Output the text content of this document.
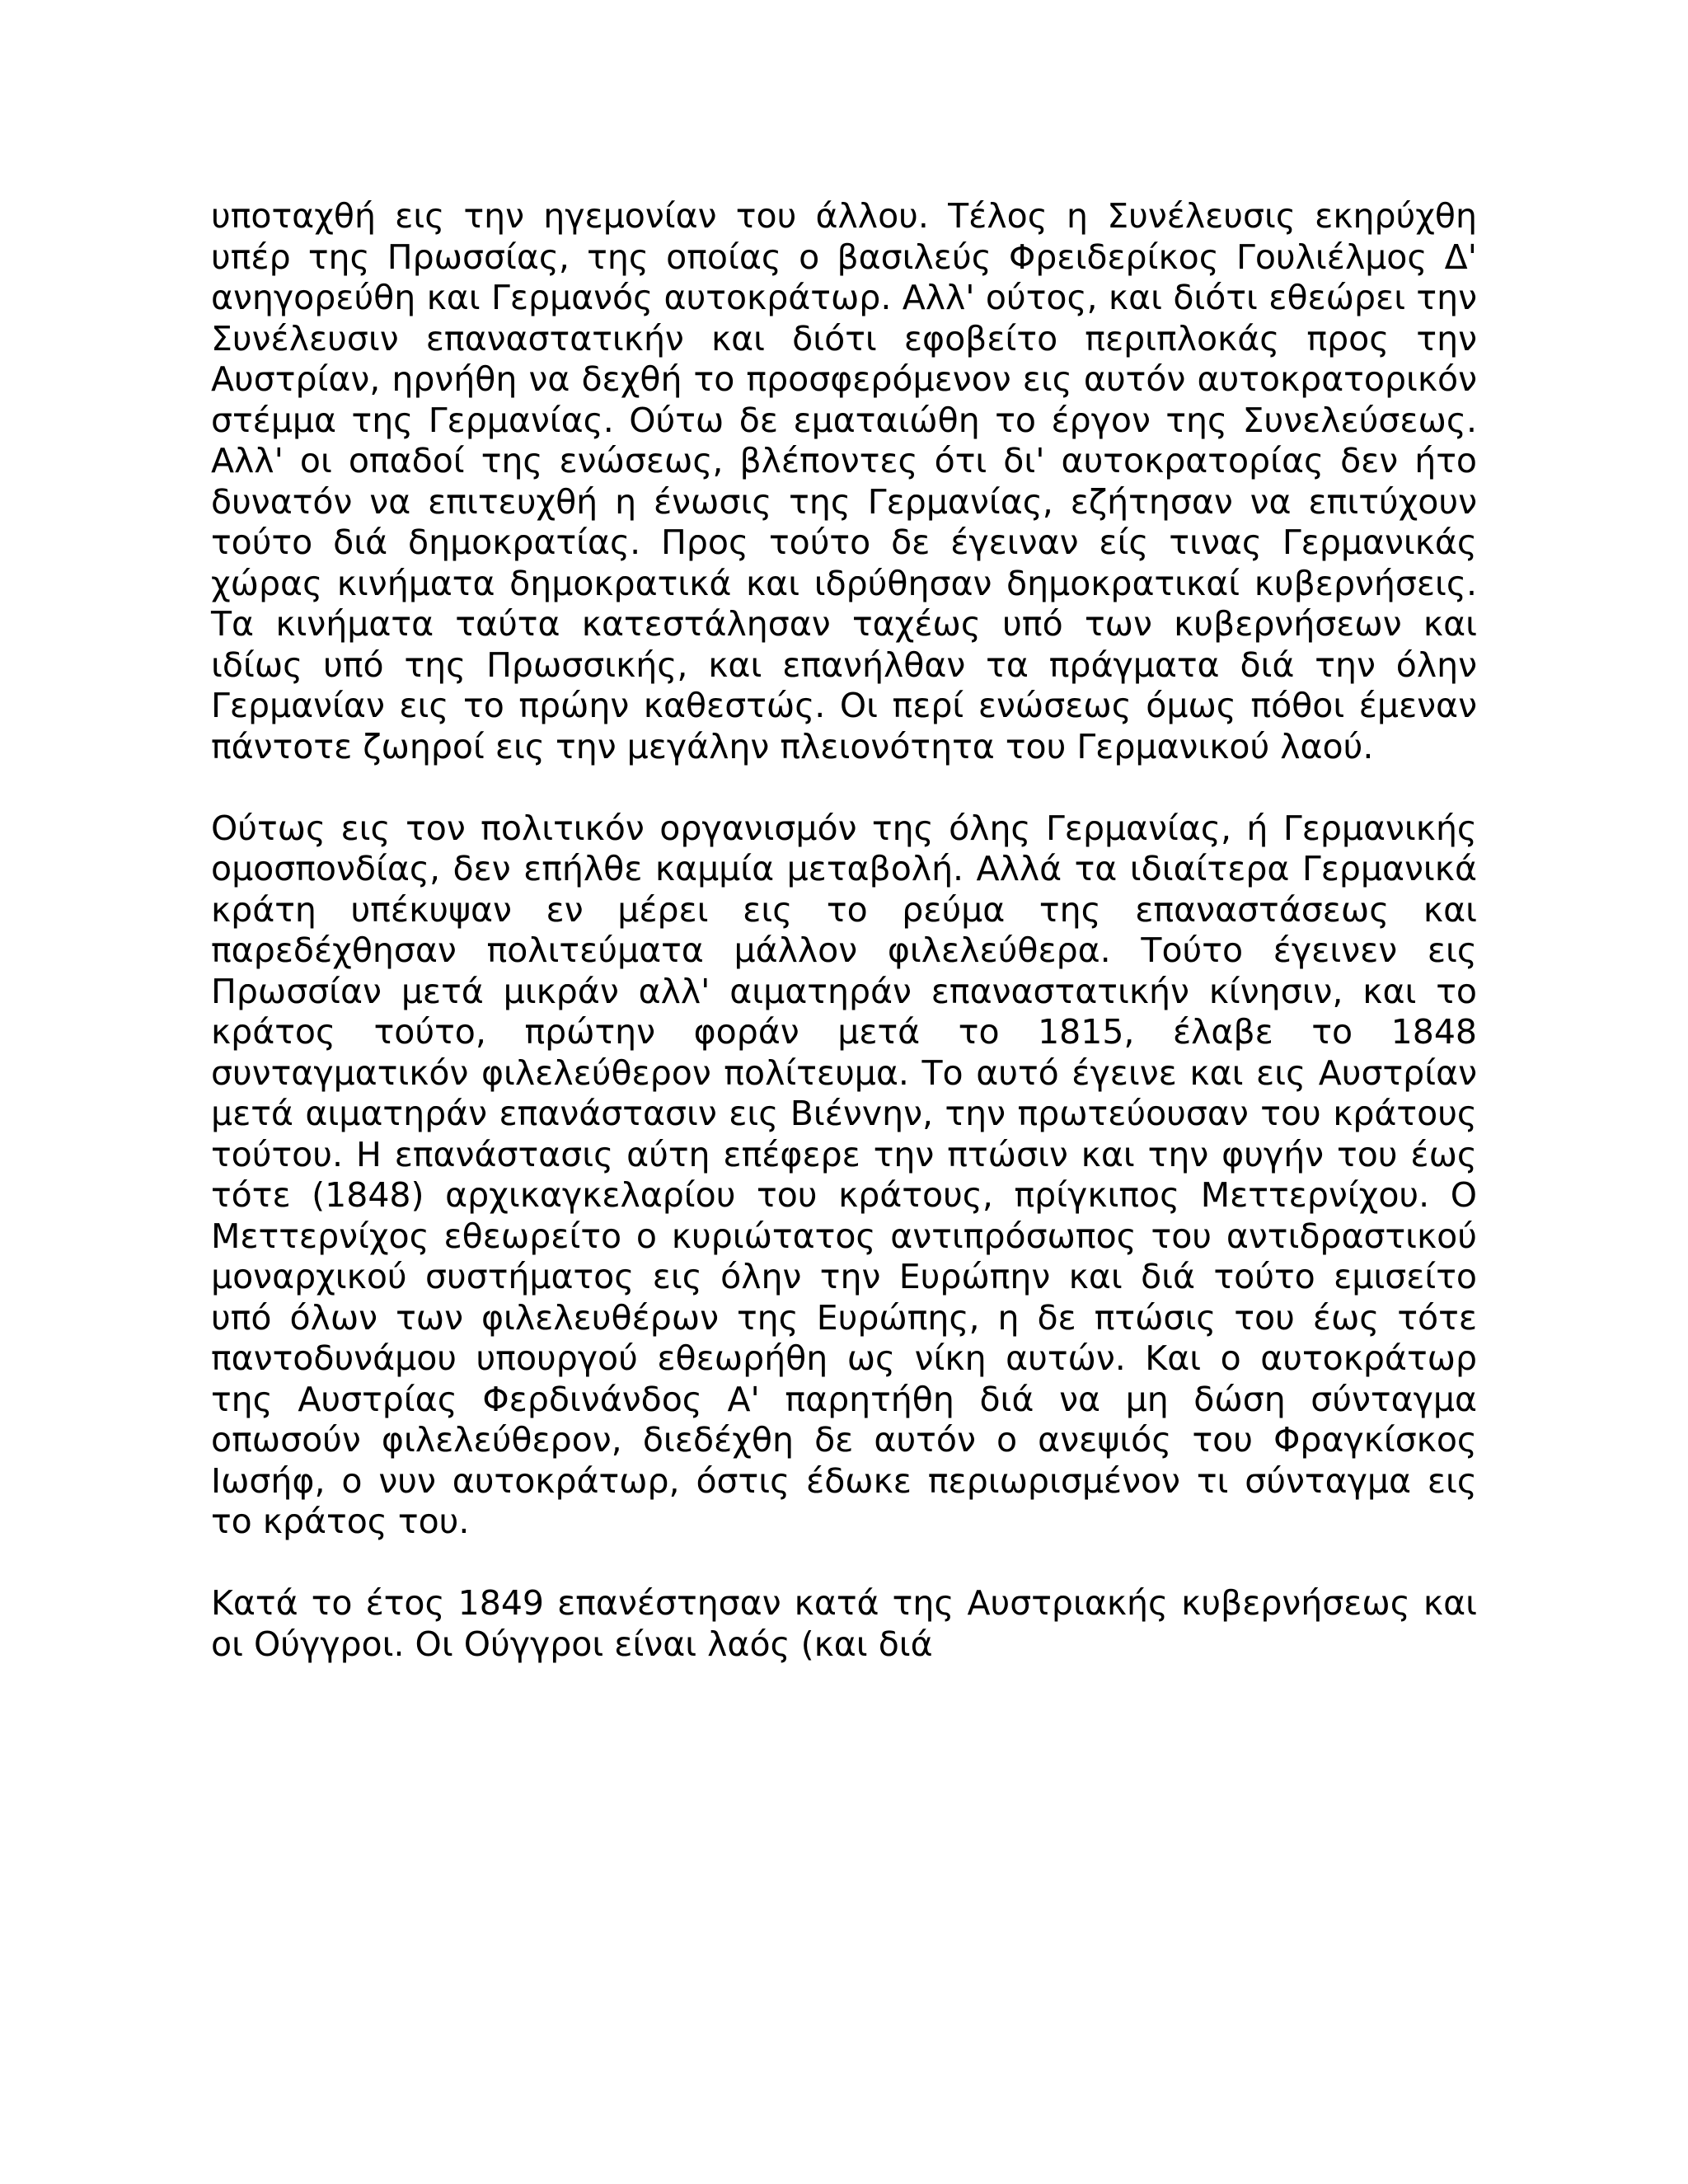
υποταχθή εις την ηγεμονίαν του άλλου. Τέλος η Συνέλευσις εκηρύχθη υπέρ της Πρωσσίας, της οποίας ο βασιλεύς Φρειδερίκος Γουλιέλμος Δ' ανηγορεύθη και Γερμανός αυτοκράτωρ. Αλλ' ούτος, και διότι εθεώρει την Συνέλευσιν επαναστατικήν και διότι εφοβείτο περιπλοκάς προς την Αυστρίαν, ηρνήθη να δεχθή το προσφερόμενον εις αυτόν αυτοκρατορικόν στέμμα της Γερμανίας. Ούτω δε εματαιώθη το έργον της Συνελεύσεως. Αλλ' οι οπαδοί της ενώσεως, βλέποντες ότι δι' αυτοκρατορίας δεν ήτο δυνατόν να επιτευχθή η ένωσις της Γερμανίας, εζήτησαν να επιτύχουν τούτο διά δημοκρατίας. Προς τούτο δε έγειναν είς τινας Γερμανικάς χώρας κινήματα δημοκρατικά και ιδρύθησαν δημοκρατικαί κυβερνήσεις. Τα κινήματα ταύτα κατεστάλησαν ταχέως υπό των κυβερνήσεων και ιδίως υπό της Πρωσσικής, και επανήλθαν τα πράγματα διά την όλην Γερμανίαν εις το πρώην καθεστώς. Οι περί ενώσεως όμως πόθοι έμεναν πάντοτε ζωηροί εις την μεγάλην πλειονότητα του Γερμανικού λαού.

Ούτως εις τον πολιτικόν οργανισμόν της όλης Γερμανίας, ή Γερμανικής ομοσπονδίας, δεν επήλθε καμμία μεταβολή. Αλλά τα ιδιαίτερα Γερμανικά κράτη υπέκυψαν εν μέρει εις το ρεύμα της επαναστάσεως και παρεδέχθησαν πολιτεύματα μάλλον φιλελεύθερα. Τούτο έγεινεν εις Πρωσσίαν μετά μικράν αλλ' αιματηράν επαναστατικήν κίνησιν, και το κράτος τούτο, πρώτην φοράν μετά το 1815, έλαβε το 1848 συνταγματικόν φιλελεύθερον πολίτευμα. Το αυτό έγεινε και εις Αυστρίαν μετά αιματηράν επανάστασιν εις Βιένvην, την πρωτεύουσαν του κράτους τούτου. Η επανάστασις αύτη επέφερε την πτώσιν και την φυγήν του έως τότε (1848) αρχικαγκελαρίου του κράτους, πρίγκιπος Μεττερνίχου. Ο Μεττερνίχος εθεωρείτο ο κυριώτατος αντιπρόσωπος του αντιδραστικού μοναρχικού συστήματος εις όλην την Ευρώπην και διά τούτο εμισείτο υπό όλων των φιλελευθέρων της Ευρώπης, η δε πτώσις του έως τότε παντοδυνάμου υπουργού εθεωρήθη ως νίκη αυτών. Και ο αυτοκράτωρ της Αυστρίας Φερδινάνδος Α' παρητήθη διά να μη δώση σύνταγμα οπωσούν φιλελεύθερον, διεδέχθη δε αυτόν ο ανεψιός του Φραγκίσκος Ιωσήφ, ο νυν αυτοκράτωρ, όστις έδωκε περιωρισμένον τι σύνταγμα εις το κράτος του.

Κατά το έτος 1849 επανέστησαν κατά της Αυστριακής κυβερνήσεως και οι Ούγγροι. Οι Ούγγροι είναι λαός (και διά
